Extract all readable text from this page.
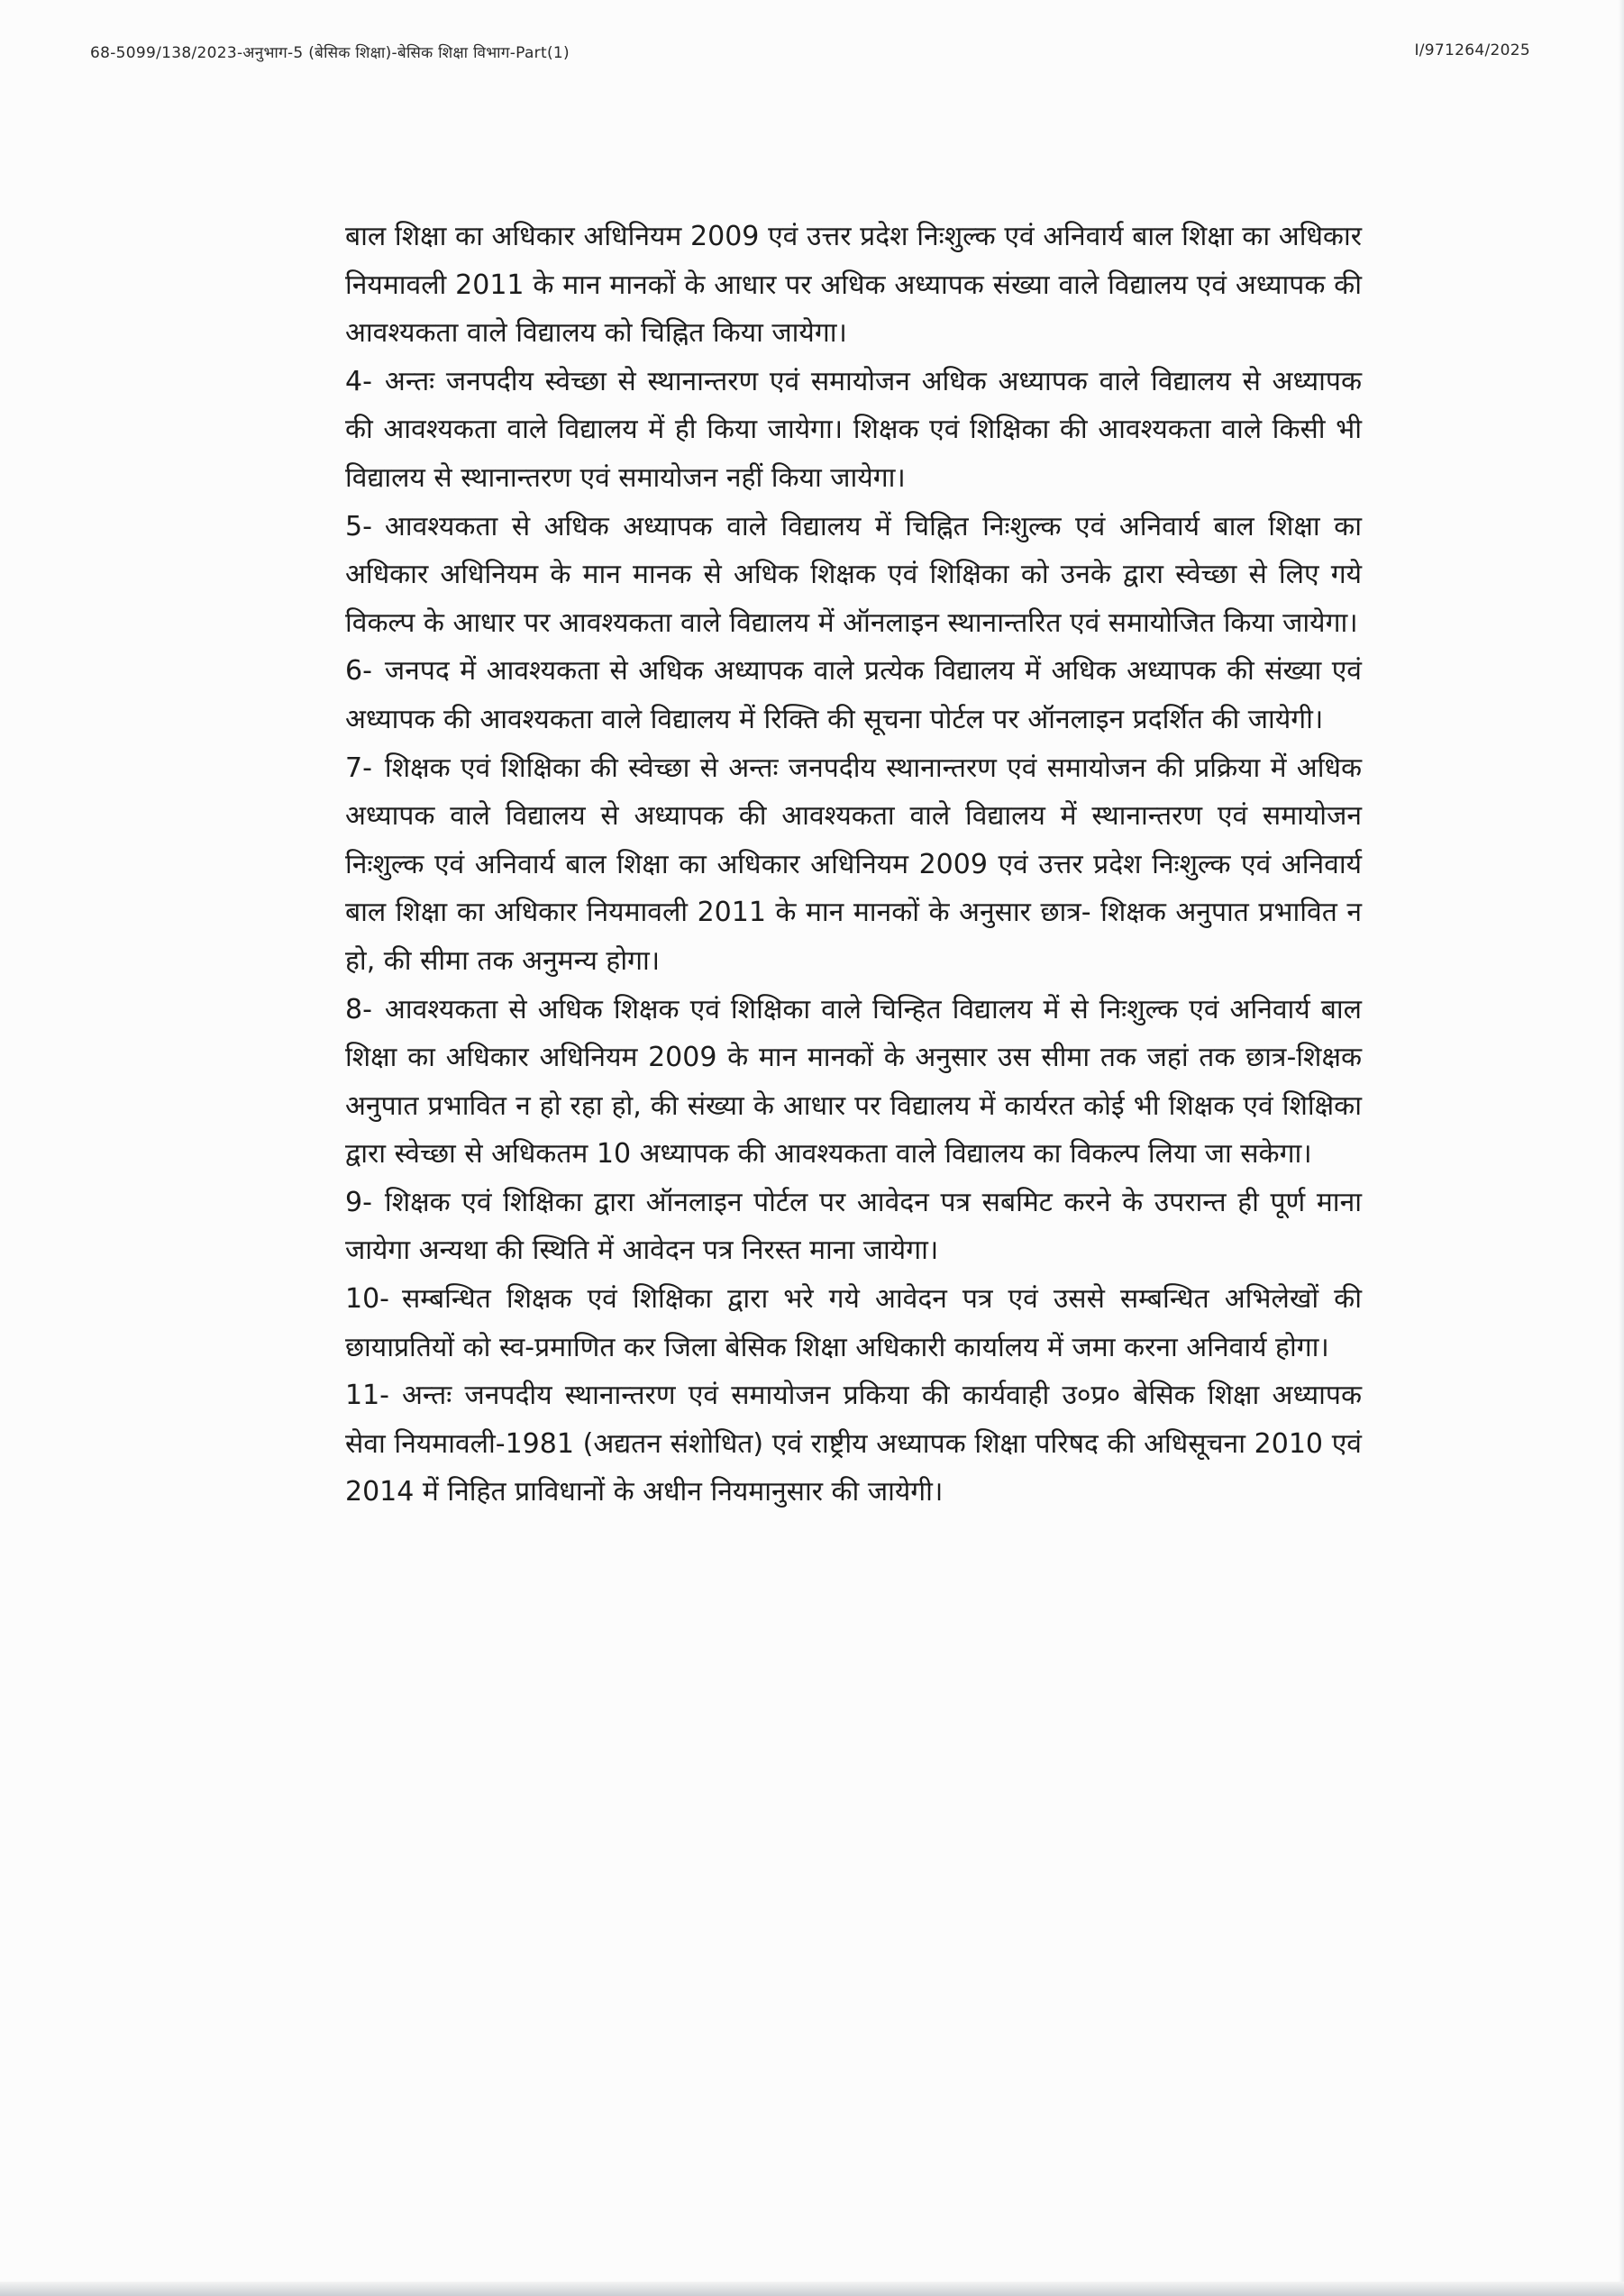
68-5099/138/2023-अनुभाग-5 (बेसिक शिक्षा)-बेसिक शिक्षा विभाग-Part(1)	I/971264/2025

बाल शिक्षा का अधिकार अधिनियम 2009 एवं उत्तर प्रदेश निःशुल्क एवं अनिवार्य बाल शिक्षा का अधिकार नियमावली 2011 के मान मानकों के आधार पर अधिक अध्यापक संख्या वाले विद्यालय एवं अध्यापक की आवश्यकता वाले विद्यालय को चिह्नित किया जायेगा।

4- अन्तः जनपदीय स्वेच्छा से स्थानान्तरण एवं समायोजन अधिक अध्यापक वाले विद्यालय से अध्यापक की आवश्यकता वाले विद्यालय में ही किया जायेगा। शिक्षक एवं शिक्षिका की आवश्यकता वाले किसी भी विद्यालय से स्थानान्तरण एवं समायोजन नहीं किया जायेगा।

5- आवश्यकता से अधिक अध्यापक वाले विद्यालय में चिह्नित निःशुल्क एवं अनिवार्य बाल शिक्षा का अधिकार अधिनियम के मान मानक से अधिक शिक्षक एवं शिक्षिका को उनके द्वारा स्वेच्छा से लिए गये विकल्प के आधार पर आवश्यकता वाले विद्यालय में ऑनलाइन स्थानान्तरित एवं समायोजित किया जायेगा।

6- जनपद में आवश्यकता से अधिक अध्यापक वाले प्रत्येक विद्यालय में अधिक अध्यापक की संख्या एवं अध्यापक की आवश्यकता वाले विद्यालय में रिक्ति की सूचना पोर्टल पर ऑनलाइन प्रदर्शित की जायेगी।

7- शिक्षक एवं शिक्षिका की स्वेच्छा से अन्तः जनपदीय स्थानान्तरण एवं समायोजन की प्रक्रिया में अधिक अध्यापक वाले विद्यालय से अध्यापक की आवश्यकता वाले विद्यालय में स्थानान्तरण एवं समायोजन निःशुल्क एवं अनिवार्य बाल शिक्षा का अधिकार अधिनियम 2009 एवं उत्तर प्रदेश निःशुल्क एवं अनिवार्य बाल शिक्षा का अधिकार नियमावली 2011 के मान मानकों के अनुसार छात्र- शिक्षक अनुपात प्रभावित न हो, की सीमा तक अनुमन्य होगा।

8- आवश्यकता से अधिक शिक्षक एवं शिक्षिका वाले चिन्हित विद्यालय में से निःशुल्क एवं अनिवार्य बाल शिक्षा का अधिकार अधिनियम 2009 के मान मानकों के अनुसार उस सीमा तक जहां तक छात्र-शिक्षक अनुपात प्रभावित न हो रहा हो, की संख्या के आधार पर विद्यालय में कार्यरत कोई भी शिक्षक एवं शिक्षिका द्वारा स्वेच्छा से अधिकतम 10 अध्यापक की आवश्यकता वाले विद्यालय का विकल्प लिया जा सकेगा।

9- शिक्षक एवं शिक्षिका द्वारा ऑनलाइन पोर्टल पर आवेदन पत्र सबमिट करने के उपरान्त ही पूर्ण माना जायेगा अन्यथा की स्थिति में आवेदन पत्र निरस्त माना जायेगा।

10- सम्बन्धित शिक्षक एवं शिक्षिका द्वारा भरे गये आवेदन पत्र एवं उससे सम्बन्धित अभिलेखों की छायाप्रतियों को स्व-प्रमाणित कर जिला बेसिक शिक्षा अधिकारी कार्यालय में जमा करना अनिवार्य होगा।

11- अन्तः जनपदीय स्थानान्तरण एवं समायोजन प्रकिया की कार्यवाही उ०प्र० बेसिक शिक्षा अध्यापक सेवा नियमावली-1981 (अद्यतन संशोधित) एवं राष्ट्रीय अध्यापक शिक्षा परिषद की अधिसूचना 2010 एवं 2014 में निहित प्राविधानों के अधीन नियमानुसार की जायेगी।
